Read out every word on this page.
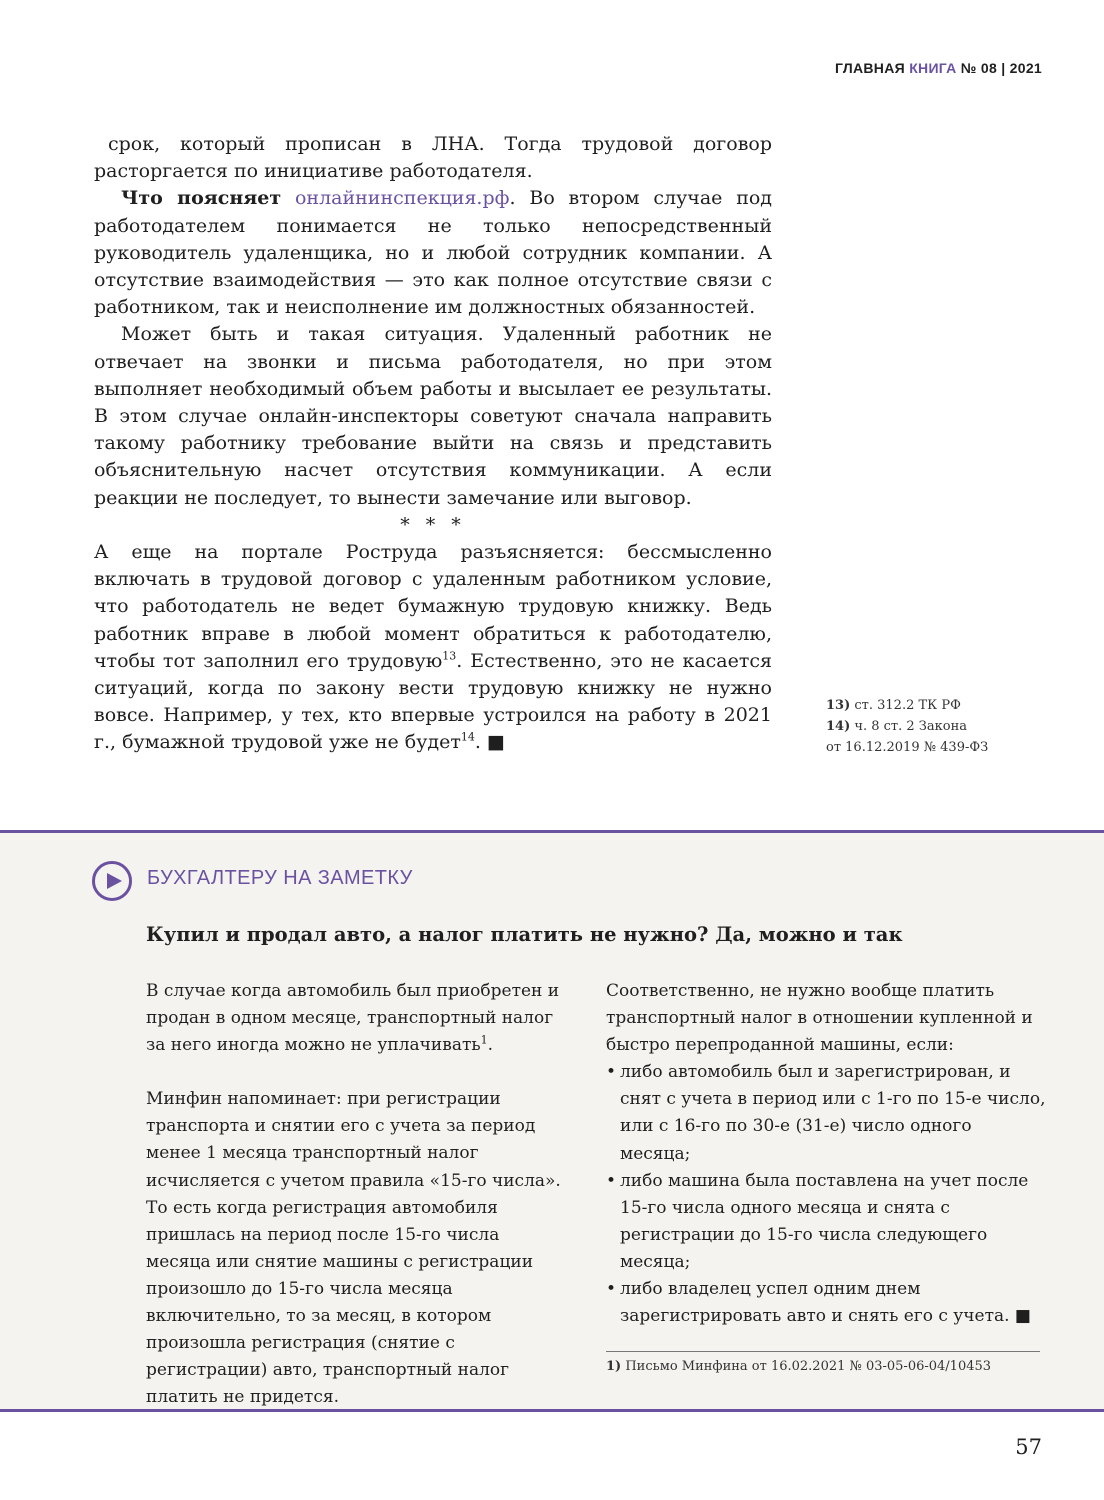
ГЛАВНАЯ КНИГА № 08 | 2021

срок, который прописан в ЛНА. Тогда трудовой договор расторгается по инициативе работодателя.

Что поясняет онлайнинспекция.рф. Во втором случае под работодателем понимается не только непосредственный руководитель удаленщика, но и любой сотрудник компании. А отсутствие взаимодействия — это как полное отсутствие связи с работником, так и неисполнение им должностных обязанностей.

Может быть и такая ситуация. Удаленный работник не отвечает на звонки и письма работодателя, но при этом выполняет необходимый объем работы и высылает ее результаты. В этом случае онлайн-инспекторы советуют сначала направить такому работнику требование выйти на связь и представить объяснительную насчет отсутствия коммуникации. А если реакции не последует, то вынести замечание или выговор.

* * *

А еще на портале Роструда разъясняется: бессмысленно включать в трудовой договор с удаленным работником условие, что работодатель не ведет бумажную трудовую книжку. Ведь работник вправе в любой момент обратиться к работодателю, чтобы тот заполнил его трудовую$^{13}$. Естественно, это не касается ситуаций, когда по закону вести трудовую книжку не нужно вовсе. Например, у тех, кто впервые устроился на работу в 2021 г., бумажной трудовой уже не будет$^{14}$. ■

13) ст. 312.2 ТК РФ
14) ч. 8 ст. 2 Закона
от 16.12.2019 № 439-ФЗ
БУХГАЛТЕРУ НА ЗАМЕТКУ
Купил и продал авто, а налог платить не нужно? Да, можно и так

В случае когда автомобиль был приобретен и продан в одном месяце, транспортный налог за него иногда можно не уплачивать$^1$.

Минфин напоминает: при регистрации транспорта и снятии его с учета за период менее 1 месяца транспортный налог исчисляется с учетом правила «15-го числа». То есть когда регистрация автомобиля пришлась на период после 15-го числа месяца или снятие машины с регистрации произошло до 15-го числа месяца включительно, то за месяц, в котором произошла регистрация (снятие с регистрации) авто, транспортный налог платить не придется.

Соответственно, не нужно вообще платить транспортный налог в отношении купленной и быстро перепроданной машины, если:

• либо автомобиль был и зарегистрирован, и снят с учета в период или с 1-го по 15-е число, или с 16-го по 30-е (31-е) число одного месяца;
• либо машина была поставлена на учет после 15-го числа одного месяца и снята с регистрации до 15-го числа следующего месяца;
• либо владелец успел одним днем зарегистрировать авто и снять его с учета. ■
1) Письмо Минфина от 16.02.2021 № 03-05-06-04/10453
57
